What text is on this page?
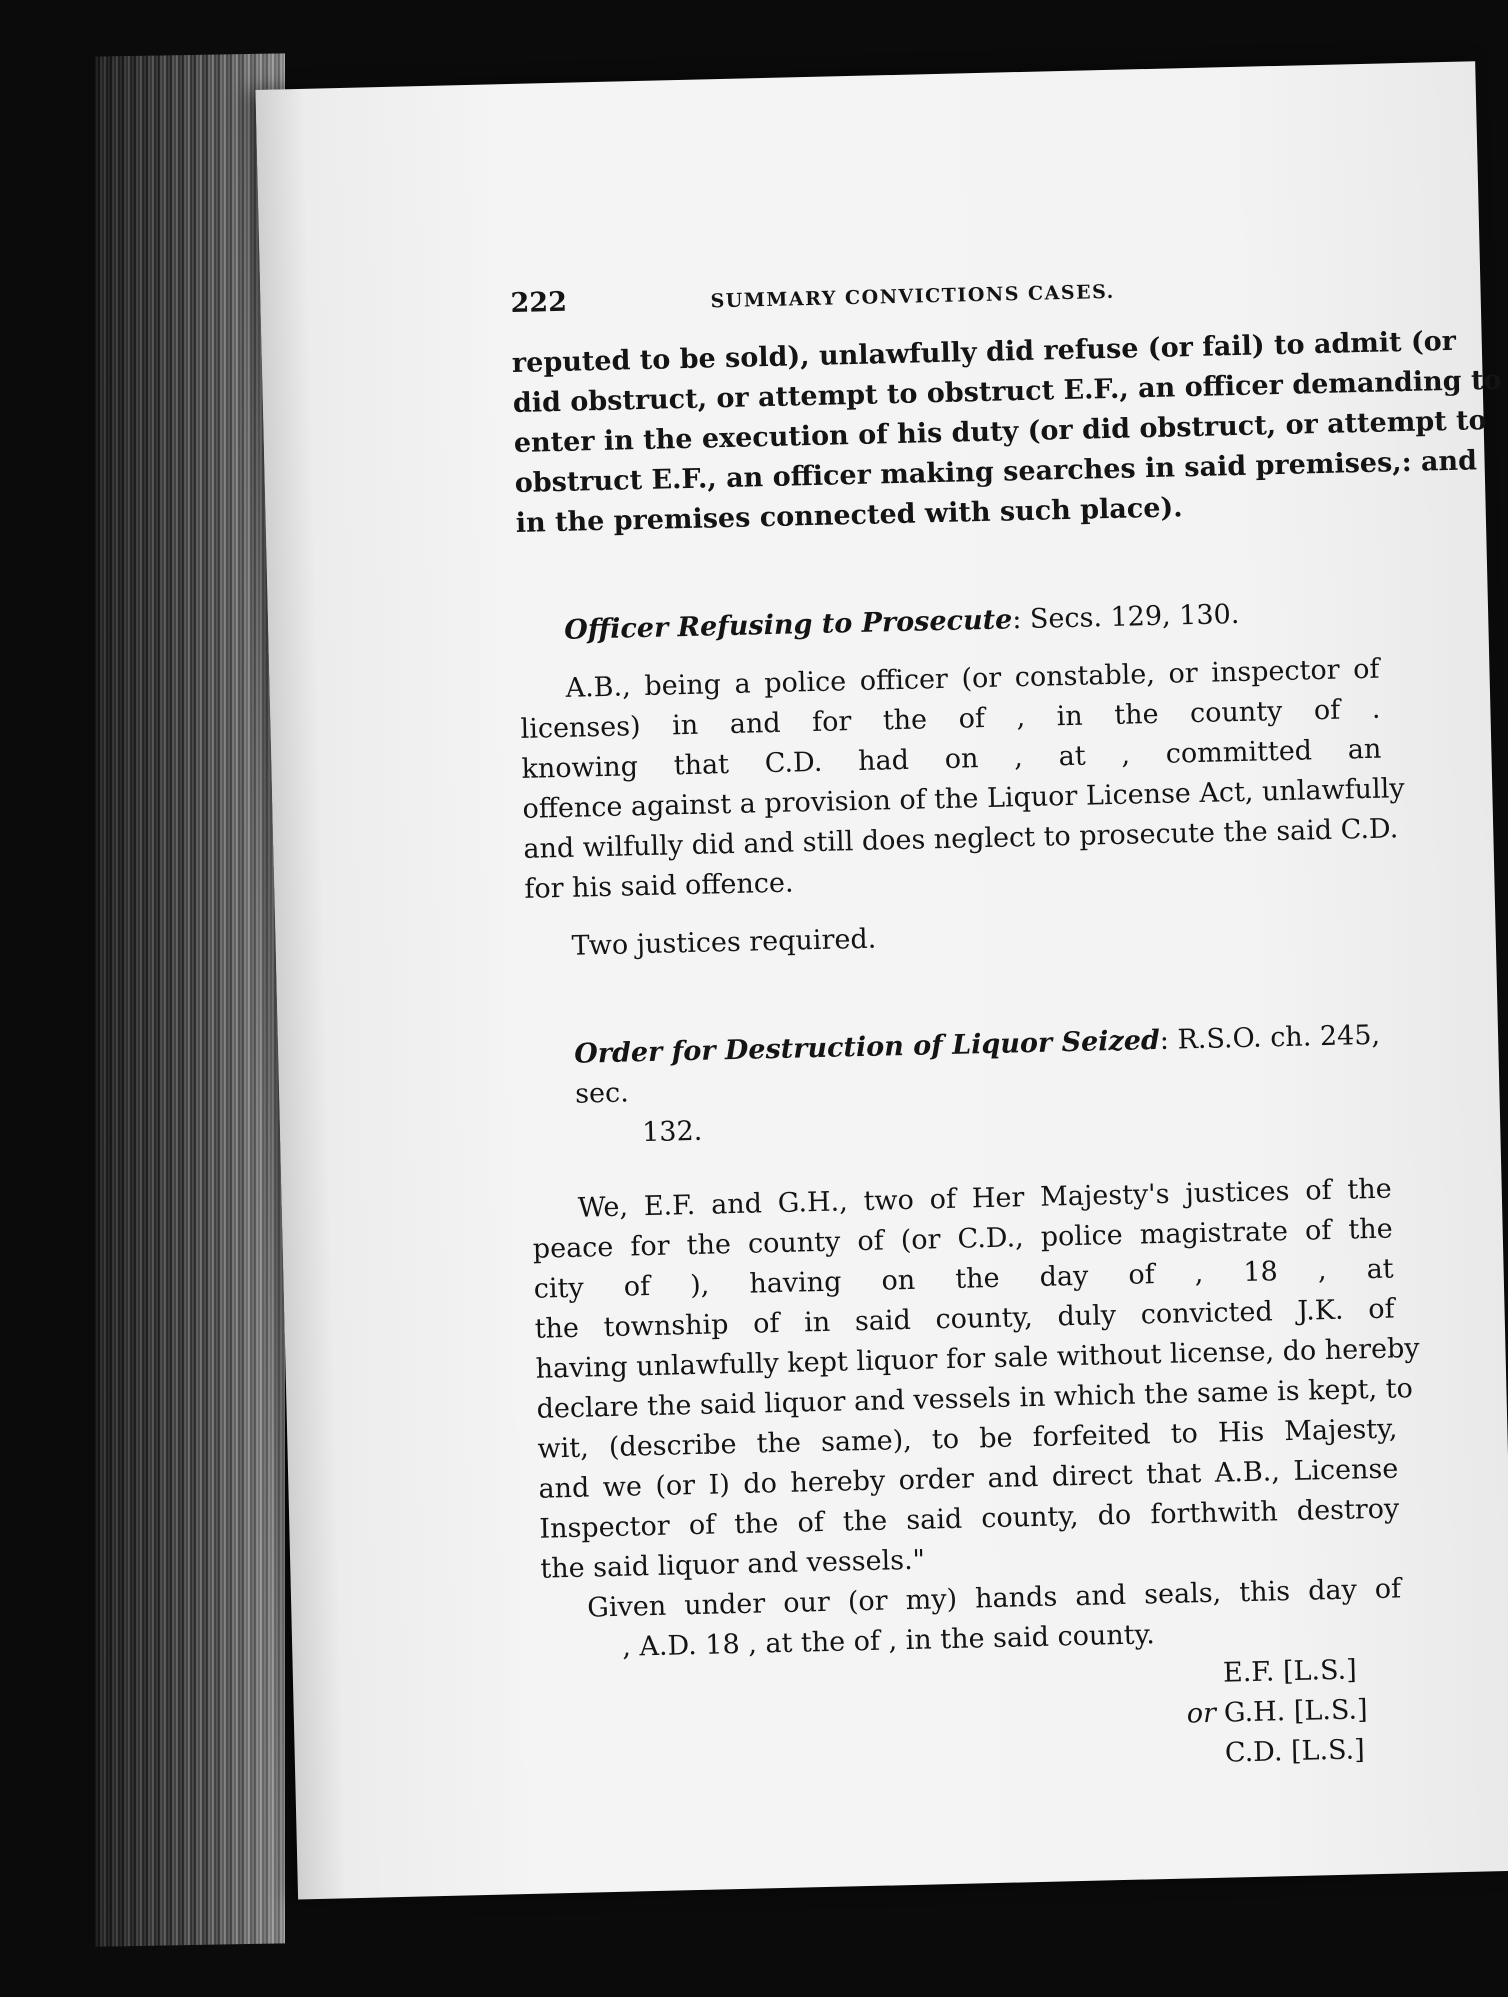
222	SUMMARY CONVICTIONS CASES.

reputed to be sold), unlawfully did refuse (or fail) to admit (or
did obstruct, or attempt to obstruct E.F., an officer demanding to
enter in the execution of his duty (or did obstruct, or attempt to
obstruct E.F., an officer making searches in said premises,: and
in the premises connected with such place).

Officer Refusing to Prosecute: Secs. 129, 130.

A.B., being a police officer (or constable, or inspector of
licenses) in and for the of , in the county of .
knowing that C.D. had on , at , committed an
offence against a provision of the Liquor License Act, unlawfully
and wilfully did and still does neglect to prosecute the said C.D.
for his said offence.

Two justices required.

Order for Destruction of Liquor Seized: R.S.O. ch. 245, sec.
132.

We, E.F. and G.H., two of Her Majesty's justices of the
peace for the county of (or C.D., police magistrate of the
city of ), having on the day of , 18 , at
the township of in said county, duly convicted J.K. of
having unlawfully kept liquor for sale without license, do hereby
declare the said liquor and vessels in which the same is kept, to
wit, (describe the same), to be forfeited to His Majesty,
and we (or I) do hereby order and direct that A.B., License
Inspector of the of the said county, do forthwith destroy
the said liquor and vessels."

Given under our (or my) hands and seals, this day of
, A.D. 18 , at the of , in the said county.

E.F. [L.S.]
or G.H. [L.S.]
C.D. [L.S.]
